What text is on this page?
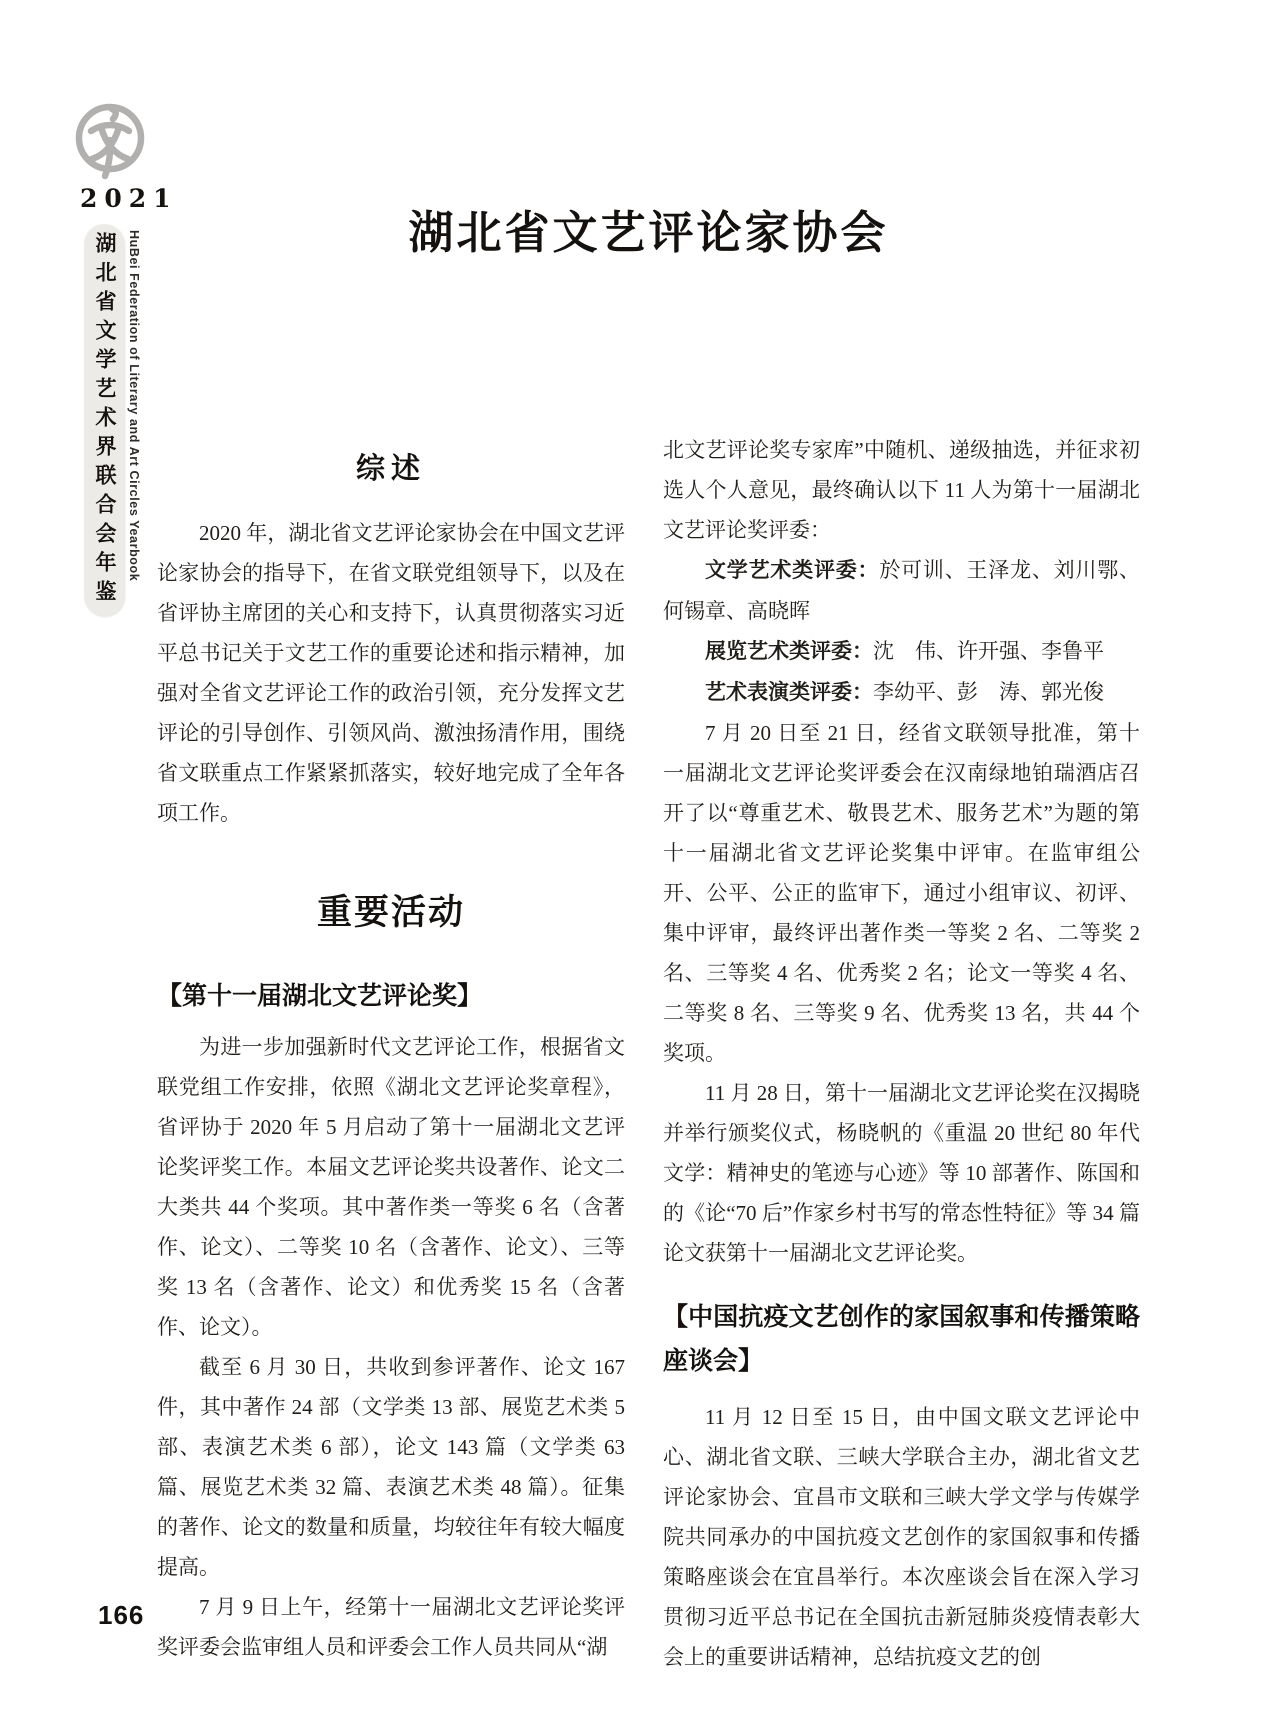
2021
湖北省文学艺术界联合会年鉴 HuBei Federation of Literary and Art Circles Yearbook
166
湖北省文艺评论家协会
综述

2020 年，湖北省文艺评论家协会在中国文艺评论家协会的指导下，在省文联党组领导下，以及在省评协主席团的关心和支持下，认真贯彻落实习近平总书记关于文艺工作的重要论述和指示精神，加强对全省文艺评论工作的政治引领，充分发挥文艺评论的引导创作、引领风尚、激浊扬清作用，围绕省文联重点工作紧紧抓落实，较好地完成了全年各项工作。

重要活动
【第十一届湖北文艺评论奖】

为进一步加强新时代文艺评论工作，根据省文联党组工作安排，依照《湖北文艺评论奖章程》，省评协于 2020 年 5 月启动了第十一届湖北文艺评论奖评奖工作。本届文艺评论奖共设著作、论文二大类共 44 个奖项。其中著作类一等奖 6 名（含著作、论文）、二等奖 10 名（含著作、论文）、三等奖 13 名（含著作、论文）和优秀奖 15 名（含著作、论文）。

截至 6 月 30 日，共收到参评著作、论文 167 件，其中著作 24 部（文学类 13 部、展览艺术类 5 部、表演艺术类 6 部），论文 143 篇（文学类 63 篇、展览艺术类 32 篇、表演艺术类 48 篇）。征集的著作、论文的数量和质量，均较往年有较大幅度提高。

7 月 9 日上午，经第十一届湖北文艺评论奖评奖评委会监审组人员和评委会工作人员共同从“湖

北文艺评论奖专家库”中随机、递级抽选，并征求初选人个人意见，最终确认以下 11 人为第十一届湖北文艺评论奖评委：

文学艺术类评委：於可训、王泽龙、刘川鄂、何锡章、高晓晖

展览艺术类评委：沈　伟、许开强、李鲁平

艺术表演类评委：李幼平、彭　涛、郭光俊

7 月 20 日至 21 日，经省文联领导批准，第十一届湖北文艺评论奖评委会在汉南绿地铂瑞酒店召开了以“尊重艺术、敬畏艺术、服务艺术”为题的第十一届湖北省文艺评论奖集中评审。在监审组公开、公平、公正的监审下，通过小组审议、初评、集中评审，最终评出著作类一等奖 2 名、二等奖 2 名、三等奖 4 名、优秀奖 2 名；论文一等奖 4 名、二等奖 8 名、三等奖 9 名、优秀奖 13 名，共 44 个奖项。

11 月 28 日，第十一届湖北文艺评论奖在汉揭晓并举行颁奖仪式，杨晓帆的《重温 20 世纪 80 年代文学：精神史的笔迹与心迹》等 10 部著作、陈国和的《论“70 后”作家乡村书写的常态性特征》等 34 篇论文获第十一届湖北文艺评论奖。

【中国抗疫文艺创作的家国叙事和传播策略座谈会】

11 月 12 日至 15 日，由中国文联文艺评论中心、湖北省文联、三峡大学联合主办，湖北省文艺评论家协会、宜昌市文联和三峡大学文学与传媒学院共同承办的中国抗疫文艺创作的家国叙事和传播策略座谈会在宜昌举行。本次座谈会旨在深入学习贯彻习近平总书记在全国抗击新冠肺炎疫情表彰大会上的重要讲话精神，总结抗疫文艺的创
